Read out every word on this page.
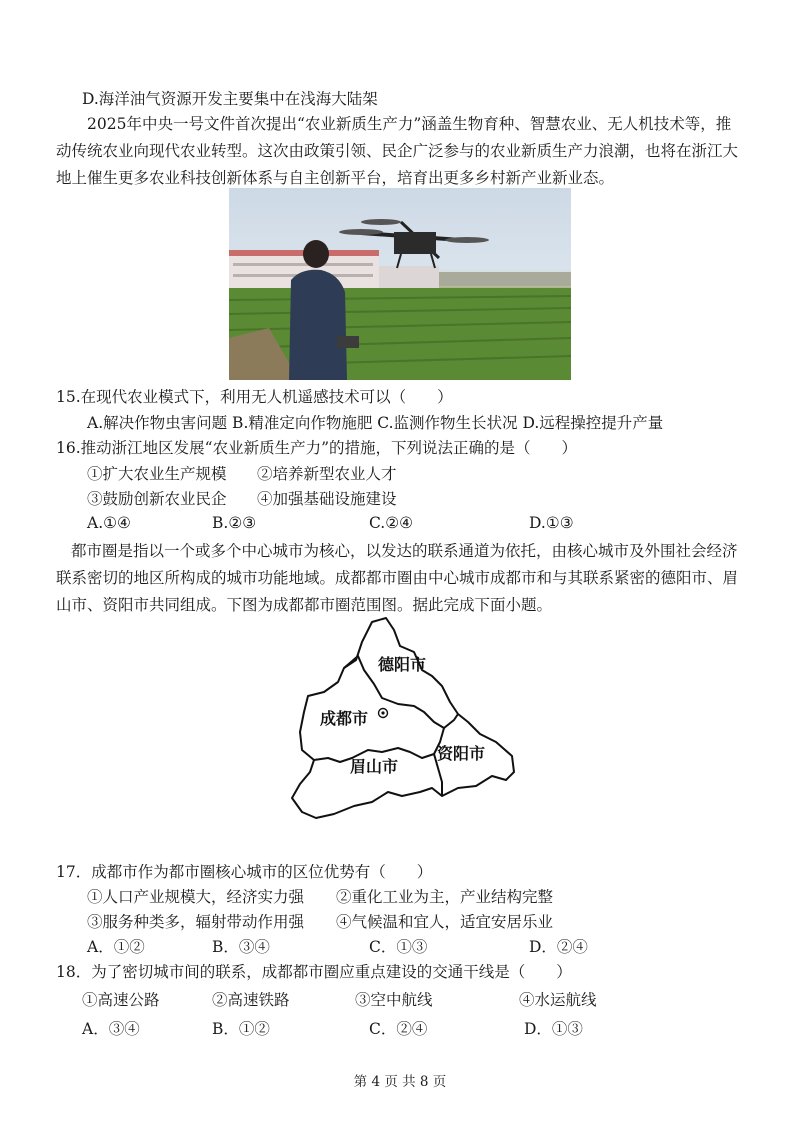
D.海洋油气资源开发主要集中在浅海大陆架
2025年中央一号文件首次提出“农业新质生产力”涵盖生物育种、智慧农业、无人机技术等，推动传统农业向现代农业转型。这次由政策引领、民企广泛参与的农业新质生产力浪潮，也将在浙江大地上催生更多农业科技创新体系与自主创新平台，培育出更多乡村新产业新业态。
15.在现代农业模式下，利用无人机遥感技术可以（　　）
A.解决作物虫害问题 B.精准定向作物施肥 C.监测作物生长状况 D.远程操控提升产量
16.推动浙江地区发展“农业新质生产力”的措施，下列说法正确的是（　　）
①扩大农业生产规模 ②培养新型农业人才
③鼓励创新农业民企 ④加强基础设施建设
A.①④	B.②③	C.②④	D.①③
都市圈是指以一个或多个中心城市为核心，以发达的联系通道为依托，由核心城市及外围社会经济联系密切的地区所构成的城市功能地域。成都都市圈由中心城市成都市和与其联系紧密的德阳市、眉山市、资阳市共同组成。下图为成都都市圈范围图。据此完成下面小题。
德阳市
成都市
眉山市
资阳市
17．成都市作为都市圈核心城市的区位优势有（　　）
①人口产业规模大，经济实力强 ②重化工业为主，产业结构完整
③服务种类多，辐射带动作用强 ④气候温和宜人，适宜安居乐业
A．①②	B．③④	C．①③	D．②④
18．为了密切城市间的联系，成都都市圈应重点建设的交通干线是（　　）
①高速公路	②高速铁路	③空中航线	④水运航线
A．③④	B．①②	C．②④	D．①③
第 4 页 共 8 页
